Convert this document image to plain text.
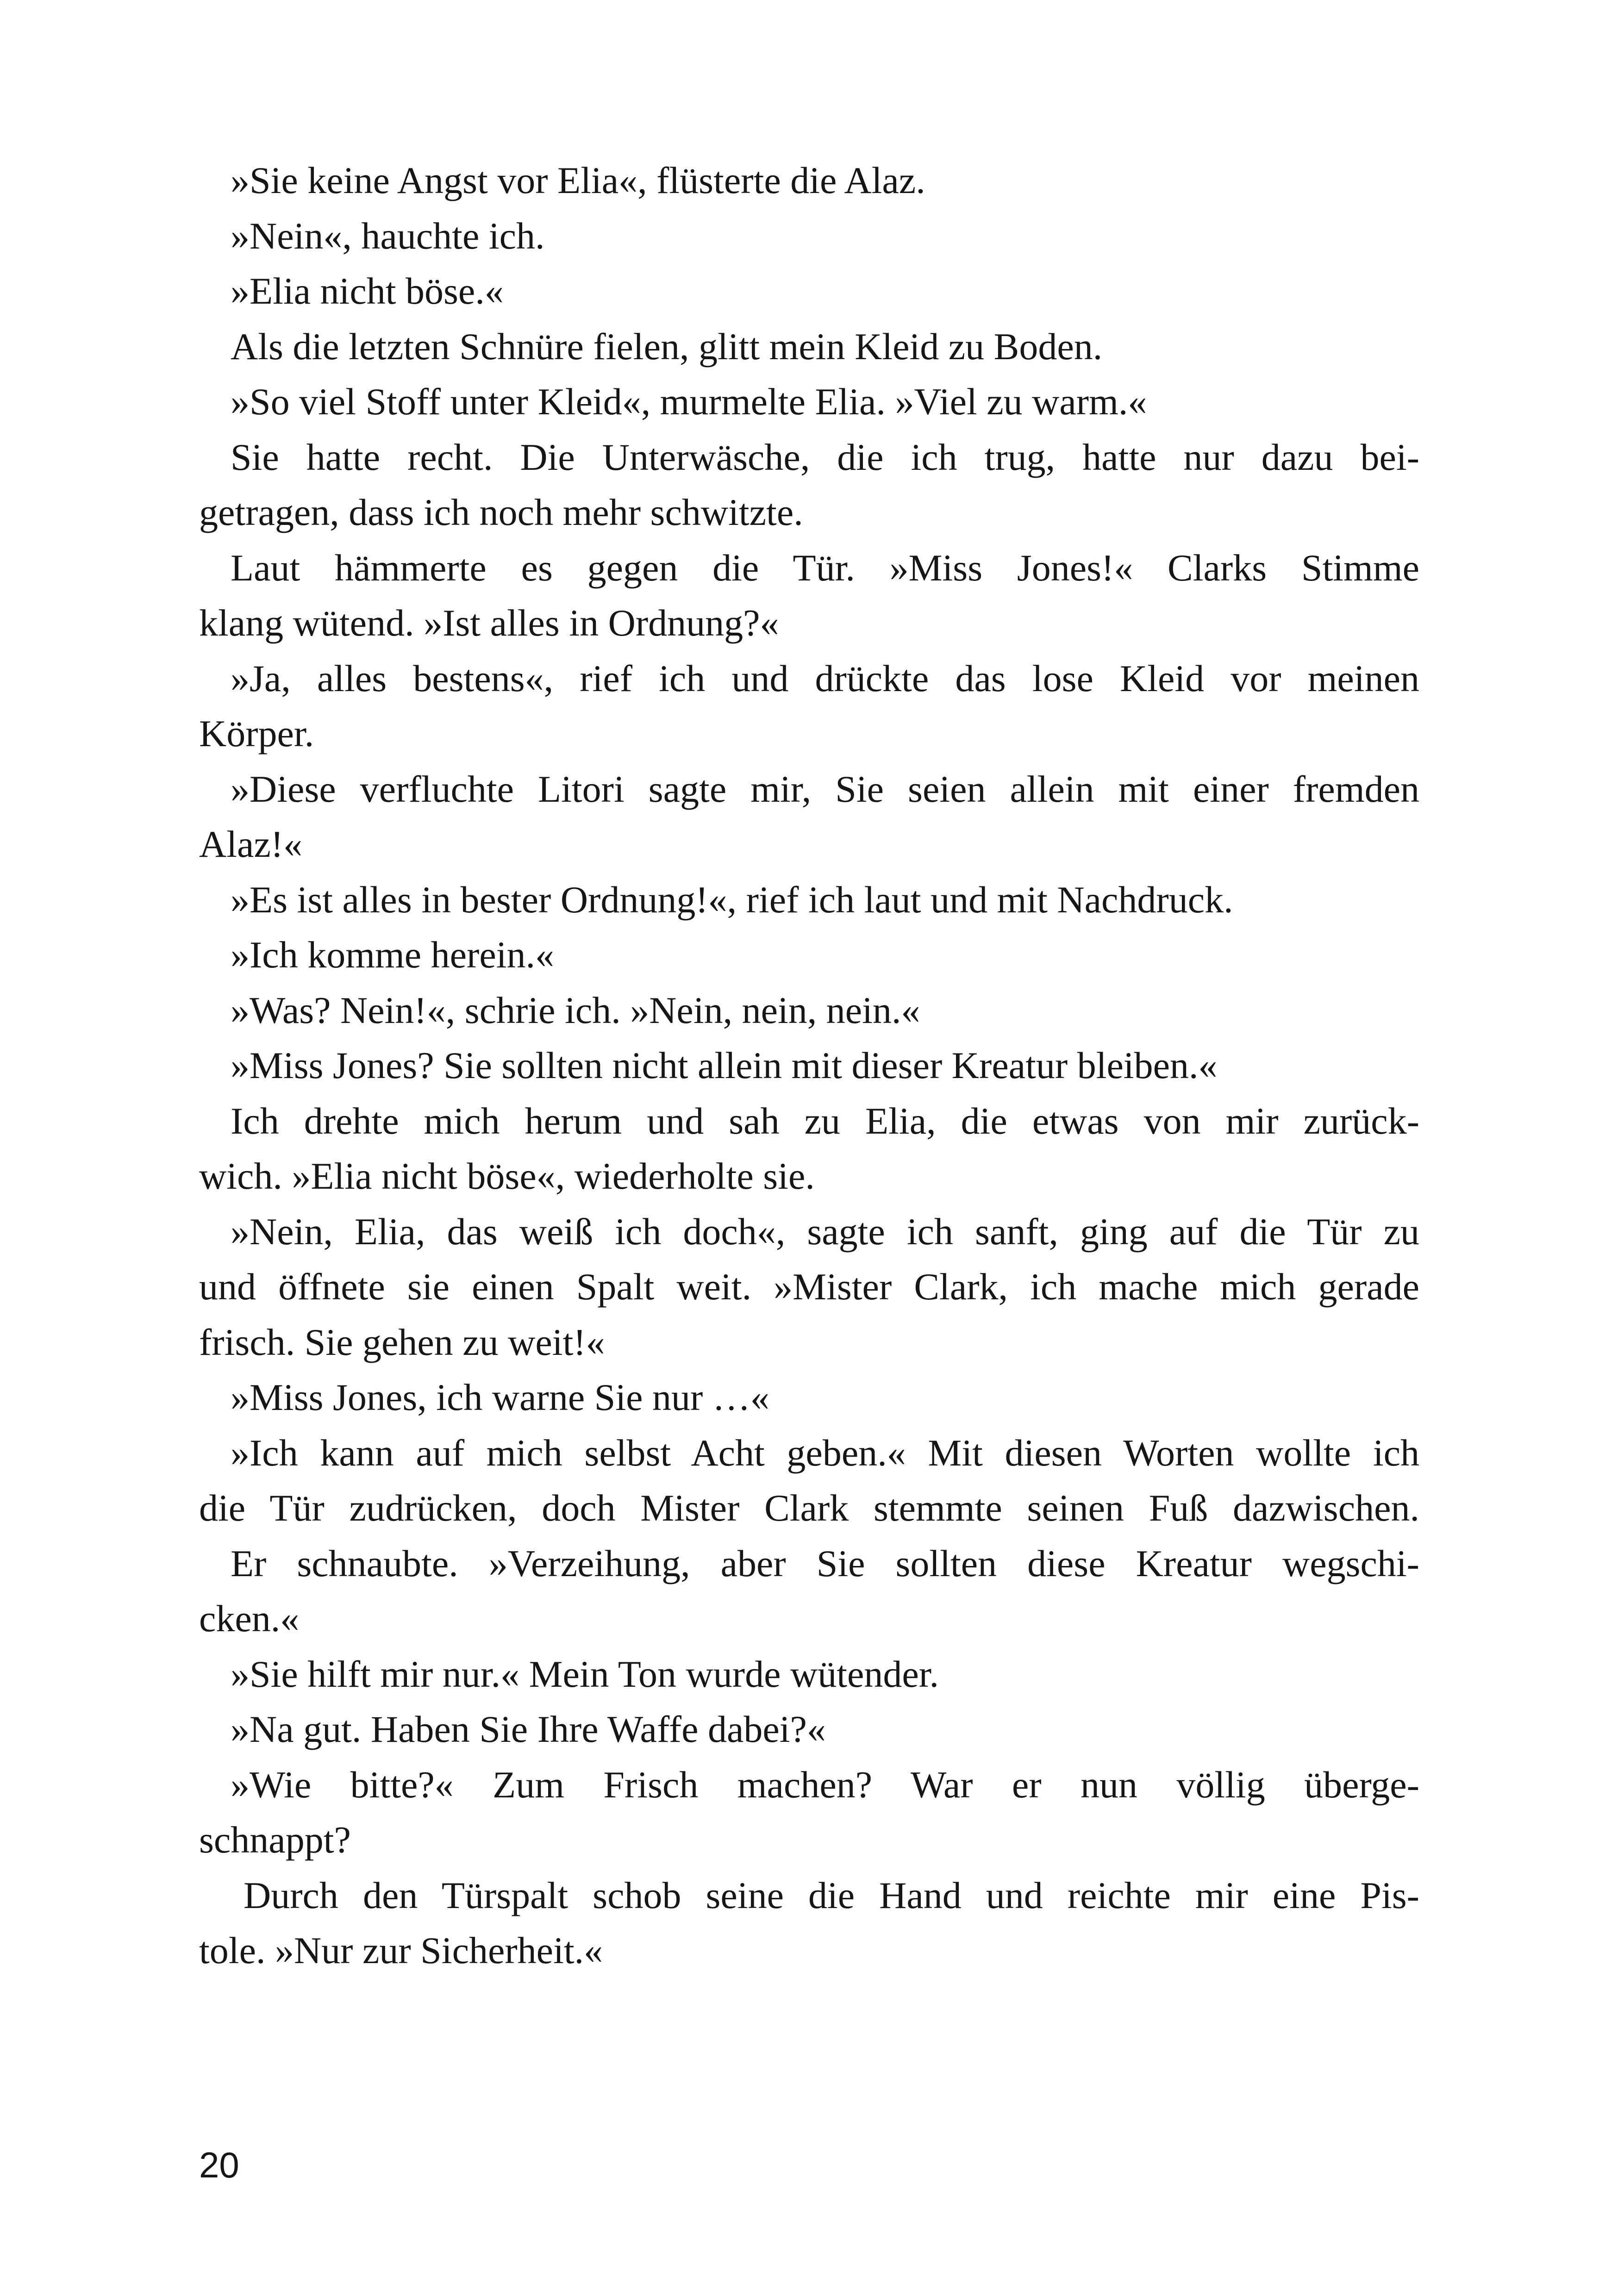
»Sie keine Angst vor Elia«, flüsterte die Alaz.
»Nein«, hauchte ich.
»Elia nicht böse.«
Als die letzten Schnüre fielen, glitt mein Kleid zu Boden.
»So viel Stoff unter Kleid«, murmelte Elia. »Viel zu warm.«
Sie hatte recht. Die Unterwäsche, die ich trug, hatte nur dazu bei-
getragen, dass ich noch mehr schwitzte.
Laut hämmerte es gegen die Tür. »Miss Jones!« Clarks Stimme
klang wütend. »Ist alles in Ordnung?«
»Ja, alles bestens«, rief ich und drückte das lose Kleid vor meinen
Körper.
»Diese verfluchte Litori sagte mir, Sie seien allein mit einer fremden
Alaz!«
»Es ist alles in bester Ordnung!«, rief ich laut und mit Nachdruck.
»Ich komme herein.«
»Was? Nein!«, schrie ich. »Nein, nein, nein.«
»Miss Jones? Sie sollten nicht allein mit dieser Kreatur bleiben.«
Ich drehte mich herum und sah zu Elia, die etwas von mir zurück-
wich. »Elia nicht böse«, wiederholte sie.
»Nein, Elia, das weiß ich doch«, sagte ich sanft, ging auf die Tür zu
und öffnete sie einen Spalt weit. »Mister Clark, ich mache mich gerade
frisch. Sie gehen zu weit!«
»Miss Jones, ich warne Sie nur …«
»Ich kann auf mich selbst Acht geben.« Mit diesen Worten wollte ich
die Tür zudrücken, doch Mister Clark stemmte seinen Fuß dazwischen.
Er schnaubte. »Verzeihung, aber Sie sollten diese Kreatur wegschi-
cken.«
»Sie hilft mir nur.« Mein Ton wurde wütender.
»Na gut. Haben Sie Ihre Waffe dabei?«
»Wie bitte?« Zum Frisch machen? War er nun völlig überge-
schnappt?
Durch den Türspalt schob seine die Hand und reichte mir eine Pis-
tole. »Nur zur Sicherheit.«
20
